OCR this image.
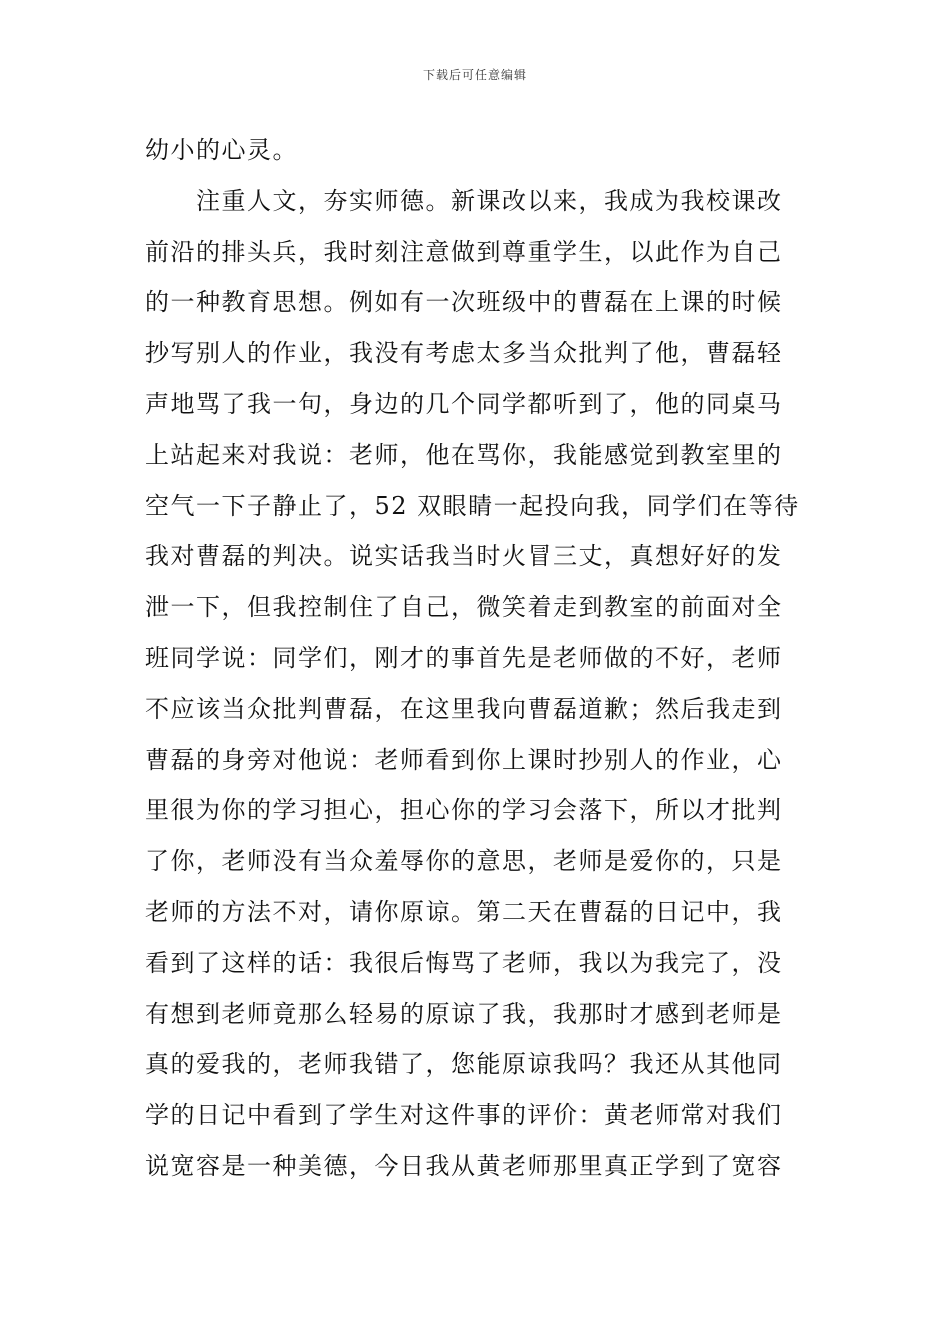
下载后可任意编辑
幼小的心灵。
　　注重人文，夯实师德。新课改以来，我成为我校课改
前沿的排头兵，我时刻注意做到尊重学生，以此作为自己
的一种教育思想。例如有一次班级中的曹磊在上课的时候
抄写别人的作业，我没有考虑太多当众批判了他，曹磊轻
声地骂了我一句，身边的几个同学都听到了，他的同桌马
上站起来对我说：老师，他在骂你，我能感觉到教室里的
空气一下子静止了，52 双眼睛一起投向我，同学们在等待
我对曹磊的判决。说实话我当时火冒三丈，真想好好的发
泄一下，但我控制住了自己，微笑着走到教室的前面对全
班同学说：同学们，刚才的事首先是老师做的不好，老师
不应该当众批判曹磊，在这里我向曹磊道歉；然后我走到
曹磊的身旁对他说：老师看到你上课时抄别人的作业，心
里很为你的学习担心，担心你的学习会落下，所以才批判
了你，老师没有当众羞辱你的意思，老师是爱你的，只是
老师的方法不对，请你原谅。第二天在曹磊的日记中，我
看到了这样的话：我很后悔骂了老师，我以为我完了，没
有想到老师竟那么轻易的原谅了我，我那时才感到老师是
真的爱我的，老师我错了，您能原谅我吗？我还从其他同
学的日记中看到了学生对这件事的评价：黄老师常对我们
说宽容是一种美德，今日我从黄老师那里真正学到了宽容
